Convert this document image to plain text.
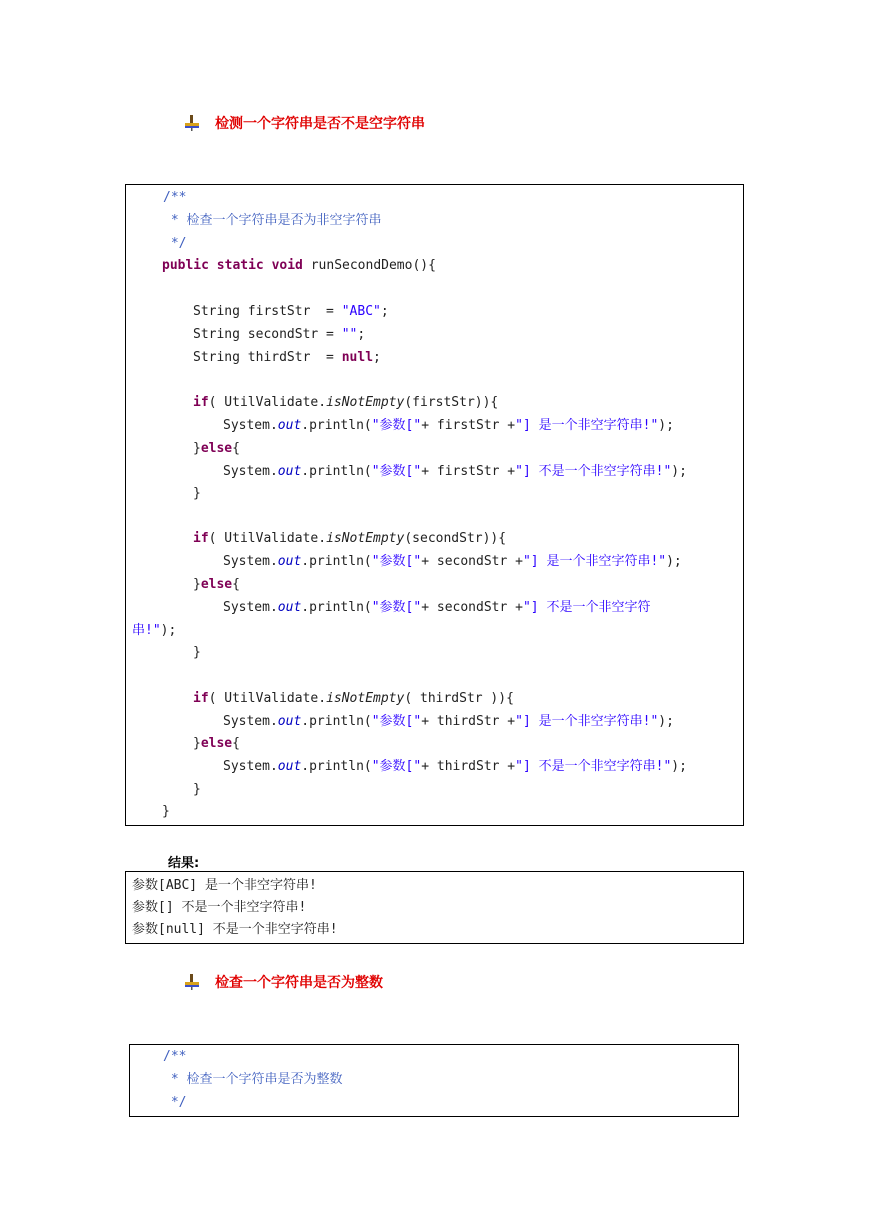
检测一个字符串是否不是空字符串
/**
* 检查一个字符串是否为非空字符串
*/
public static void runSecondDemo(){
String firstStr  = "ABC";
String secondStr = "";
String thirdStr  = null;
if( UtilValidate.isNotEmpty(firstStr)){
System.out.println("参数["+ firstStr +"] 是一个非空字符串!");
}else{
System.out.println("参数["+ firstStr +"] 不是一个非空字符串!");
}
if( UtilValidate.isNotEmpty(secondStr)){
System.out.println("参数["+ secondStr +"] 是一个非空字符串!");
}else{
System.out.println("参数["+ secondStr +"] 不是一个非空字符
串!");
}
if( UtilValidate.isNotEmpty( thirdStr )){
System.out.println("参数["+ thirdStr +"] 是一个非空字符串!");
}else{
System.out.println("参数["+ thirdStr +"] 不是一个非空字符串!");
}
}
结果:
参数[ABC] 是一个非空字符串!
参数[] 不是一个非空字符串!
参数[null] 不是一个非空字符串!
检查一个字符串是否为整数
/**
* 检查一个字符串是否为整数
*/
